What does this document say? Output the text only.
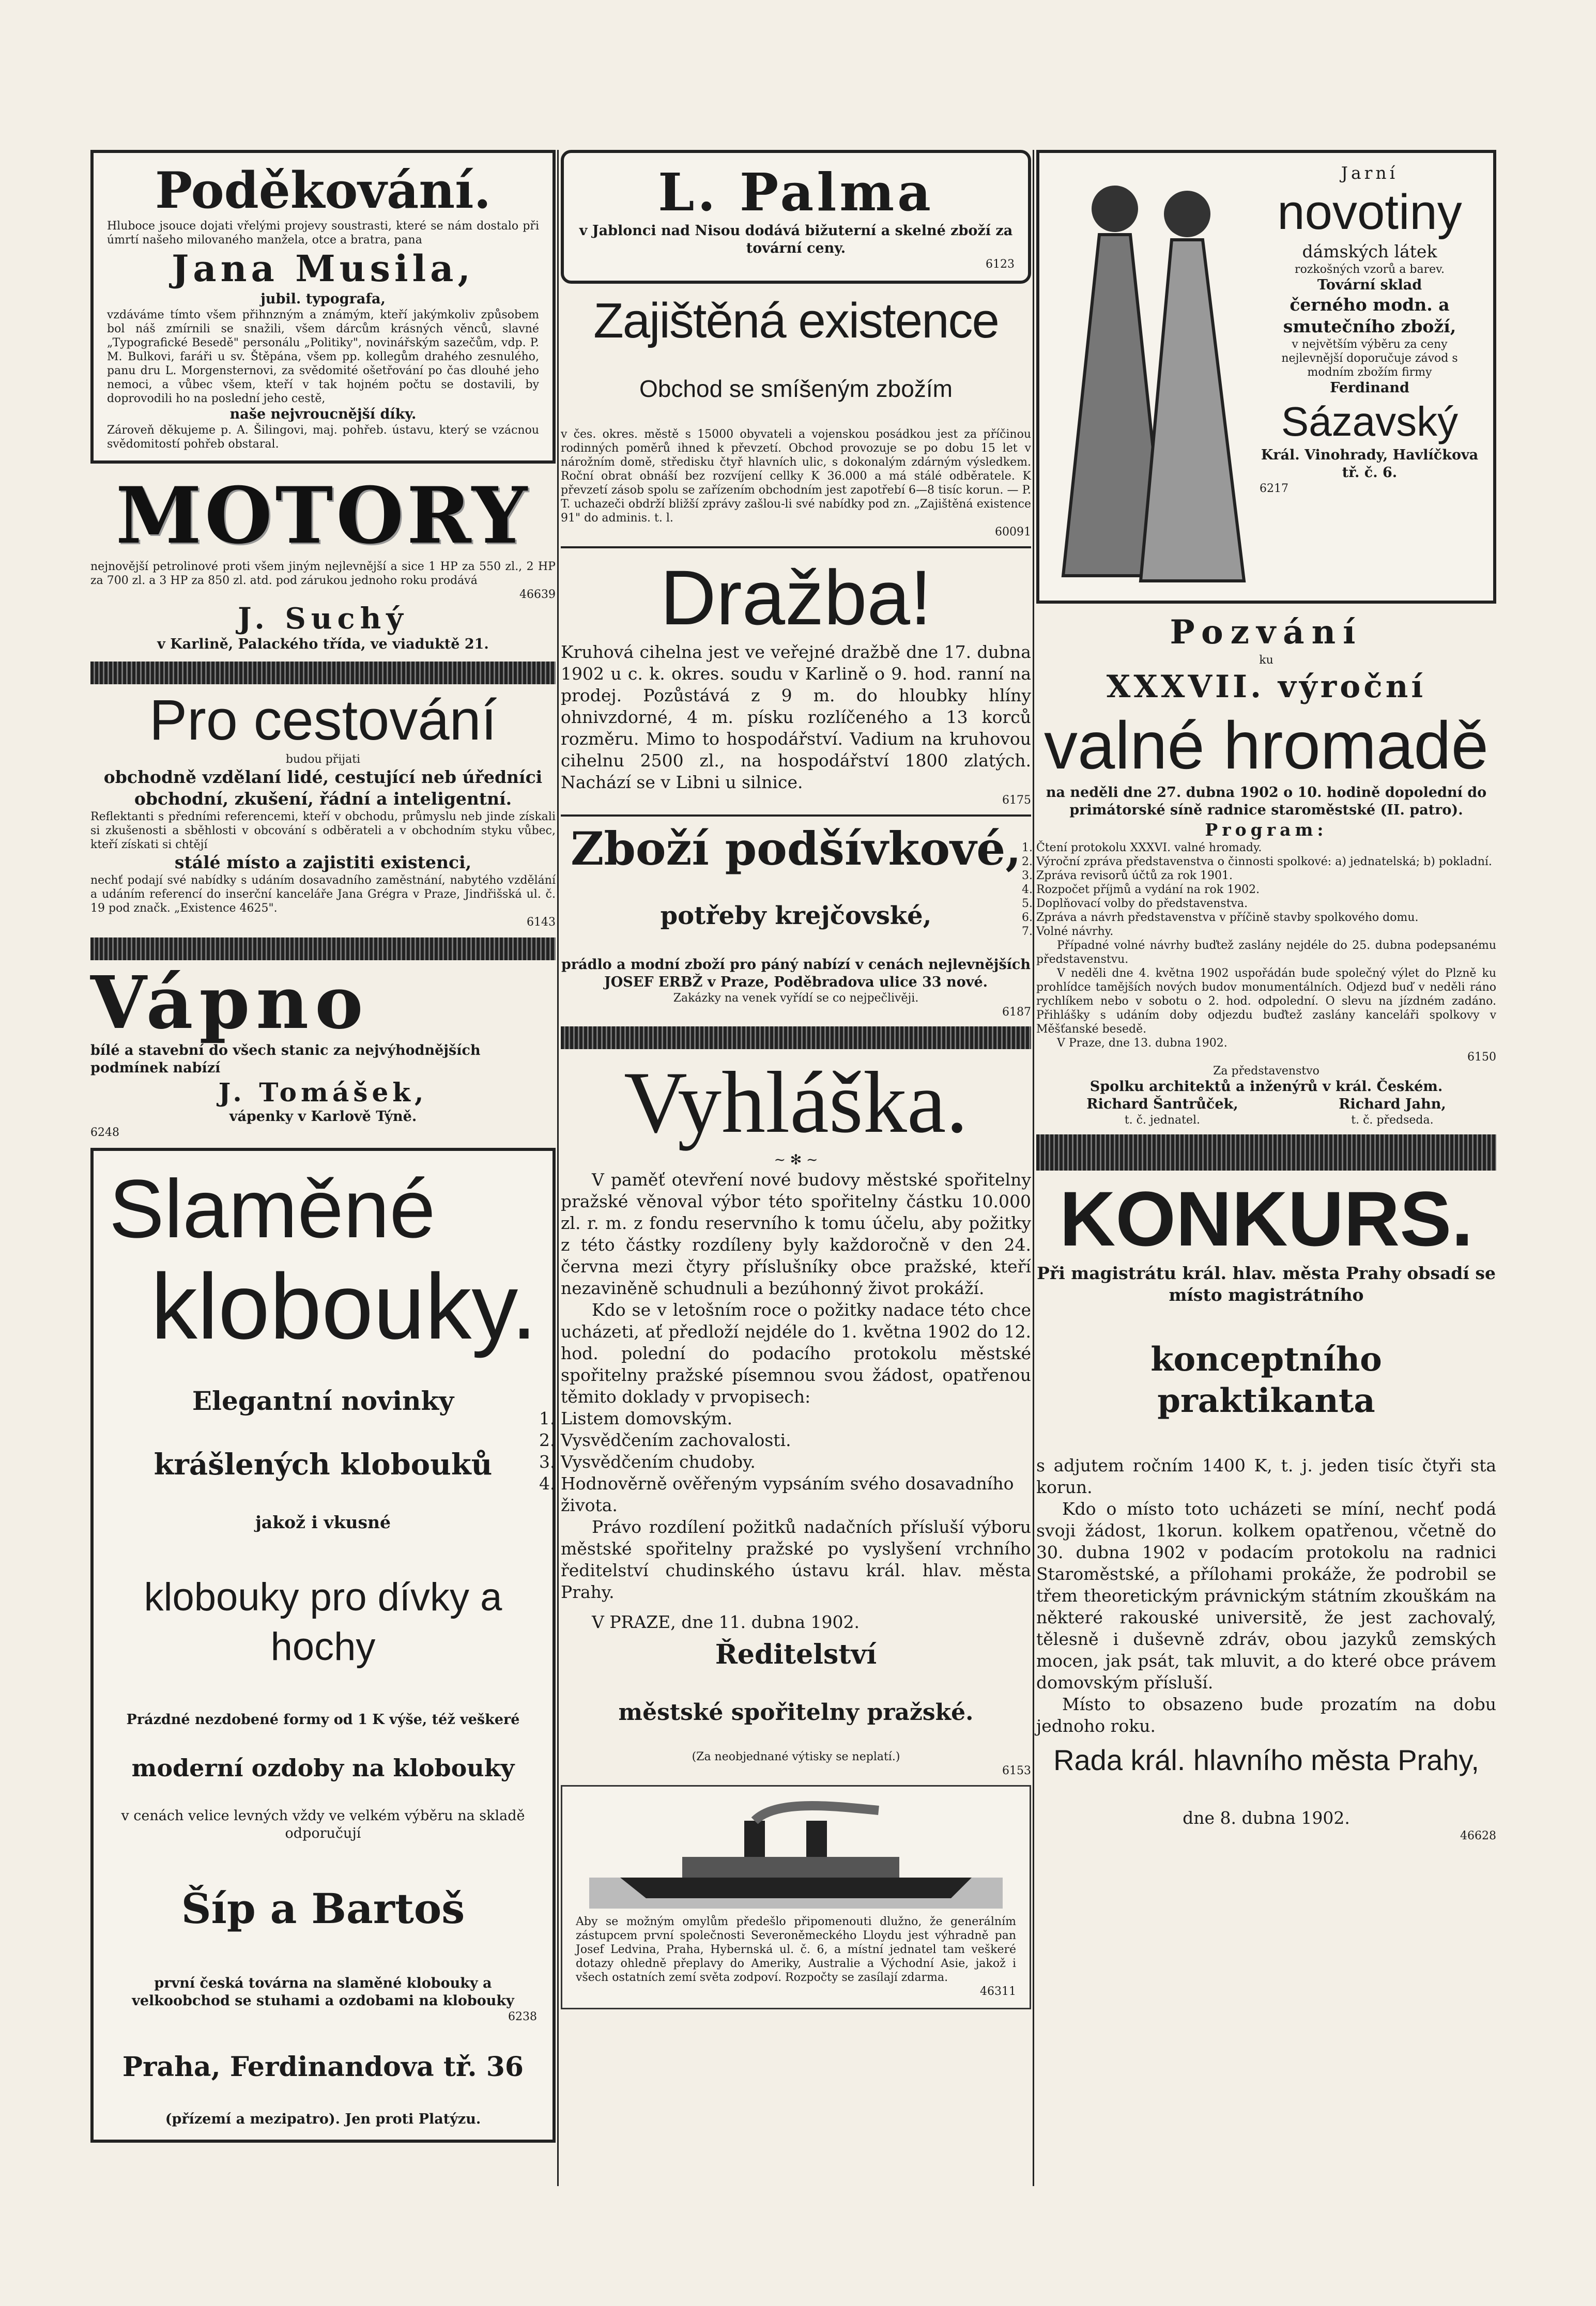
Poděkování.

Hluboce jsouce dojati vřelými projevy soustrasti, které se nám dostalo při úmrtí našeho milovaného manžela, otce a bratra, pana

Jana Musila,

jubil. typografa,

vzdáváme tímto všem přihnzným a známým, kteří jakýmkoliv způsobem bol náš zmírnili se snažili, všem dárcům krásných věnců, slavné „Typografické Besedě" personálu „Politiky", novinářským sazečům, vdp. P. M. Bulkovi, faráři u sv. Štěpána, všem pp. kollegům drahého zesnulého, panu dru L. Morgensternovi, za svědomité ošetřování po čas dlouhé jeho nemoci, a vůbec všem, kteří v tak hojném počtu se dostavili, by doprovodili ho na poslední jeho cestě,

naše nejvroucnější díky.

Zároveň děkujeme p. A. Šilingovi, maj. pohřeb. ústavu, který se vzácnou svědomitostí pohřeb obstaral.

MOTORY

nejnovější petrolinové proti všem jiným nejlevnější a sice 1 HP za 550 zl., 2 HP za 700 zl. a 3 HP za 850 zl. atd. pod zárukou jednoho roku prodává

46639

J. Suchý

v Karlině, Palackého třída, ve viaduktě 21.

Pro cestování

budou přijati

obchodně vzdělaní lidé, cestující neb úředníci obchodní, zkušení, řádní a inteligentní.

Reflektanti s předními referencemi, kteří v obchodu, průmyslu neb jinde získali si zkušenosti a sběhlosti v obcování s odběrateli a v obchodním styku vůbec, kteří získati si chtějí

stálé místo a zajistiti existenci,

nechť podají své nabídky s udáním dosavadního zaměstnání, nabytého vzdělání a udáním referencí do inserční kanceláře Jana Grégra v Praze, Jindřišská ul. č. 19 pod značk. „Existence 4625".

6143

Vápno

bílé a stavební do všech stanic za nejvýhodnějších podmínek nabízí

J. Tomášek,

vápenky v Karlově Týně.

6248

Slaměné
klobouky.

Elegantní novinky

krášlených klobouků

jakož i vkusné

klobouky pro dívky a hochy

Prázdné nezdobené formy od 1 K výše, též veškeré

moderní ozdoby na klobouky

v cenách velice levných vždy ve velkém výběru na skladě odporučují

Šíp a Bartoš

první česká továrna na slaměné klobouky a velkoobchod se stuhami a ozdobami na klobouky

6238

Praha, Ferdinandova tř. 36

(přízemí a mezipatro). Jen proti Platýzu.

L. Palma

v Jablonci nad Nisou dodává bižuterní a skelné zboží za tovární ceny.

6123

Zajištěná existence

Obchod se smíšeným zbožím

v čes. okres. městě s 15000 obyvateli a vojenskou posádkou jest za příčinou rodinných poměrů ihned k převzetí. Obchod provozuje se po dobu 15 let v nárožním domě, středisku čtyř hlavních ulic, s dokonalým zdárným výsledkem. Roční obrat obnáší bez rozvíjení cellky K 36.000 a má stálé odběratele. K převzetí zásob spolu se zařízením obchodním jest zapotřebí 6—8 tisíc korun. — P. T. uchazeči obdrží bližší zprávy zašlou-li své nabídky pod zn. „Zajištěná existence 91" do adminis. t. l.

60091

Dražba!

Kruhová cihelna jest ve veřejné dražbě dne 17. dubna 1902 u c. k. okres. soudu v Karlině o 9. hod. ranní na prodej. Pozůstává z 9 m. do hloubky hlíny ohnivzdorné, 4 m. písku rozlíčeného a 13 korců rozměru. Mimo to hospodářství. Vadium na kruhovou cihelnu 2500 zl., na hospodářství 1800 zlatých. Nachází se v Libni u silnice.

6175

Zboží podšívkové,

potřeby krejčovské,

prádlo a modní zboží pro páný nabízí v cenách nejlevnějších

JOSEF ERBŽ v Praze, Poděbradova ulice 33 nové.

Zakázky na venek vyřídí se co nejpečlivěji.

6187

Vyhláška.

~ ✻ ~

V paměť otevření nové budovy městské spořitelny pražské věnoval výbor této spořitelny částku 10.000 zl. r. m. z fondu reservního k tomu účelu, aby požitky z této částky rozdíleny byly každoročně v den 24. června mezi čtyry příslušníky obce pražské, kteří nezaviněně schudnuli a bezúhonný život prokáží.

Kdo se v letošním roce o požitky nadace této chce ucházeti, ať předloží nejdéle do 1. května 1902 do 12. hod. polední do podacího protokolu městské spořitelny pražské písemnou svou žádost, opatřenou těmito doklady v prvopisech:

1. Listem domovským.
2. Vysvědčením zachovalosti.
3. Vysvědčením chudoby.
4. Hodnověrně ověřeným vypsáním svého dosavadního života.

Právo rozdílení požitků nadačních přísluší výboru městské spořitelny pražské po vyslyšení vrchního ředitelství chudinského ústavu král. hlav. města Prahy.

V PRAZE, dne 11. dubna 1902.

Ředitelství

městské spořitelny pražské.

(Za neobjednané výtisky se neplatí.)

6153

Aby se možným omylům předešlo připomenouti dlužno, že generálním zástupcem první společnosti Severoněmeckého Lloydu jest výhradně pan Josef Ledvina, Praha, Hybernská ul. č. 6, a místní jednatel tam veškeré dotazy ohledně přeplavy do Ameriky, Australie a Východní Asie, jakož i všech ostatních zemí světa zodpoví. Rozpočty se zasílají zdarma.

46311

Jarní

novotiny

dámských látek

rozkošných vzorů a barev.

Tovární sklad

černého modn. a smutečního zboží,

v největším výběru za ceny nejlevnější doporučuje závod s modním zbožím firmy

Ferdinand

Sázavský

Král. Vinohrady, Havlíčkova tř. č. 6.

6217

Pozvání

ku

XXXVII. výroční
valné hromadě

na neděli dne 27. dubna 1902 o 10. hodině dopolední do primátorské síně radnice staroměstské (II. patro).

Program:

1. Čtení protokolu XXXVI. valné hromady.
2. Výroční zpráva představenstva o činnosti spolkové: a) jednatelská; b) pokladní.
3. Zpráva revisorů účtů za rok 1901.
4. Rozpočet příjmů a vydání na rok 1902.
5. Doplňovací volby do představenstva.
6. Zpráva a návrh představenstva v příčině stavby spolkového domu.
7. Volné návrhy.

Případné volné návrhy buďtež zaslány nejdéle do 25. dubna podepsanému představenstvu.

V neděli dne 4. května 1902 uspořádán bude společný výlet do Plzně ku prohlídce tamějších nových budov monumentálních. Odjezd buď v neděli ráno rychlíkem nebo v sobotu o 2. hod. odpolední. O slevu na jízdném zadáno. Přihlášky s udáním doby odjezdu buďtež zaslány kanceláři spolkovy v Měšťanské besedě.

V Praze, dne 13. dubna 1902.

6150

Za představenstvo

Spolku architektů a inženýrů v král. Českém.

Richard Šantrůček,

t. č. jednatel.

Richard Jahn,

t. č. předseda.

KONKURS.

Při magistrátu král. hlav. města Prahy obsadí se místo magistrátního

konceptního praktikanta

s adjutem ročním 1400 K, t. j. jeden tisíc čtyři sta korun.

Kdo o místo toto ucházeti se míní, nechť podá svoji žádost, 1korun. kolkem opatřenou, včetně do 30. dubna 1902 v podacím protokolu na radnici Staroměstské, a přílohami prokáže, že podrobil se třem theoretickým právnickým státním zkouškám na některé rakouské universitě, že jest zachovalý, tělesně i duševně zdráv, obou jazyků zemských mocen, jak psát, tak mluvit, a do které obce právem domovským přísluší.

Místo to obsazeno bude prozatím na dobu jednoho roku.

Rada král. hlavního města Prahy,

dne 8. dubna 1902.

46628
